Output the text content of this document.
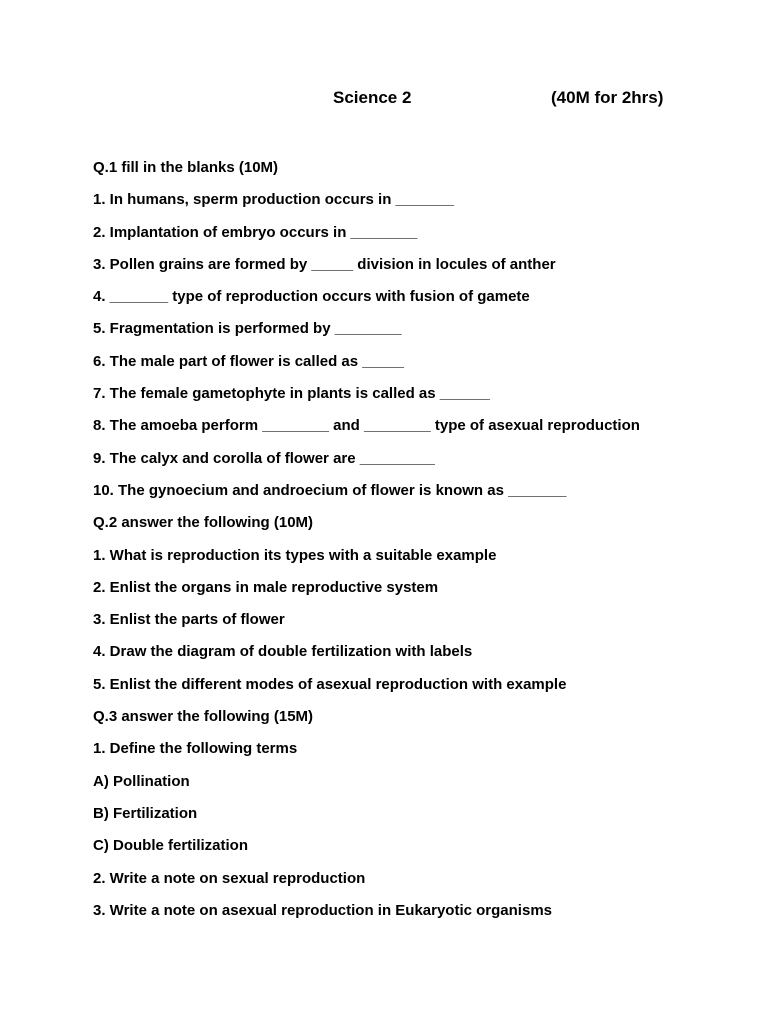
Science 2	(40M for 2hrs)
Q.1 fill in the blanks (10M)
1. In humans, sperm production occurs in _______
2. Implantation of embryo occurs in ________
3. Pollen grains are formed by _____ division in locules of anther
4. _______ type of reproduction occurs with fusion of gamete
5. Fragmentation is performed by ________
6. The male part of flower is called as _____
7. The female gametophyte in plants is called as ______
8. The amoeba perform ________ and ________ type of asexual reproduction
9. The calyx and corolla of flower are _________
10. The gynoecium and androecium of flower is known as _______
Q.2 answer the following (10M)
1. What is reproduction its types with a suitable example
2. Enlist the organs in male reproductive system
3. Enlist the parts of flower
4. Draw the diagram of double fertilization with labels
5. Enlist the different modes of asexual reproduction with example
Q.3 answer the following (15M)
1. Define the following terms
A) Pollination
B) Fertilization
C) Double fertilization
2. Write a note on sexual reproduction
3. Write a note on asexual reproduction in Eukaryotic organisms
